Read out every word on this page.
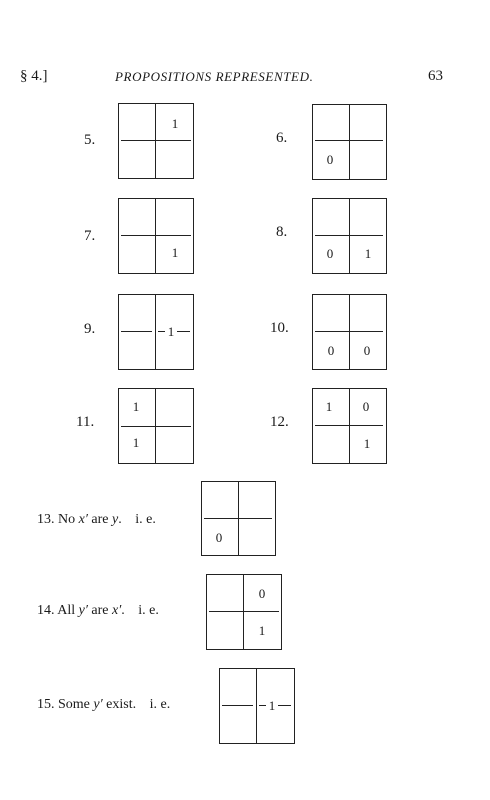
§ 4.]	PROPOSITIONS REPRESENTED.	63
5.
1
6.
0
7.
1
8.
0 1
9.	1	10.
0 0
11.
1
1
12.
1 0
1
13. No x′ are y. i. e.
0
14. All y′ are x′. i. e.
0
1
15. Some y′ exist. i. e.	1
